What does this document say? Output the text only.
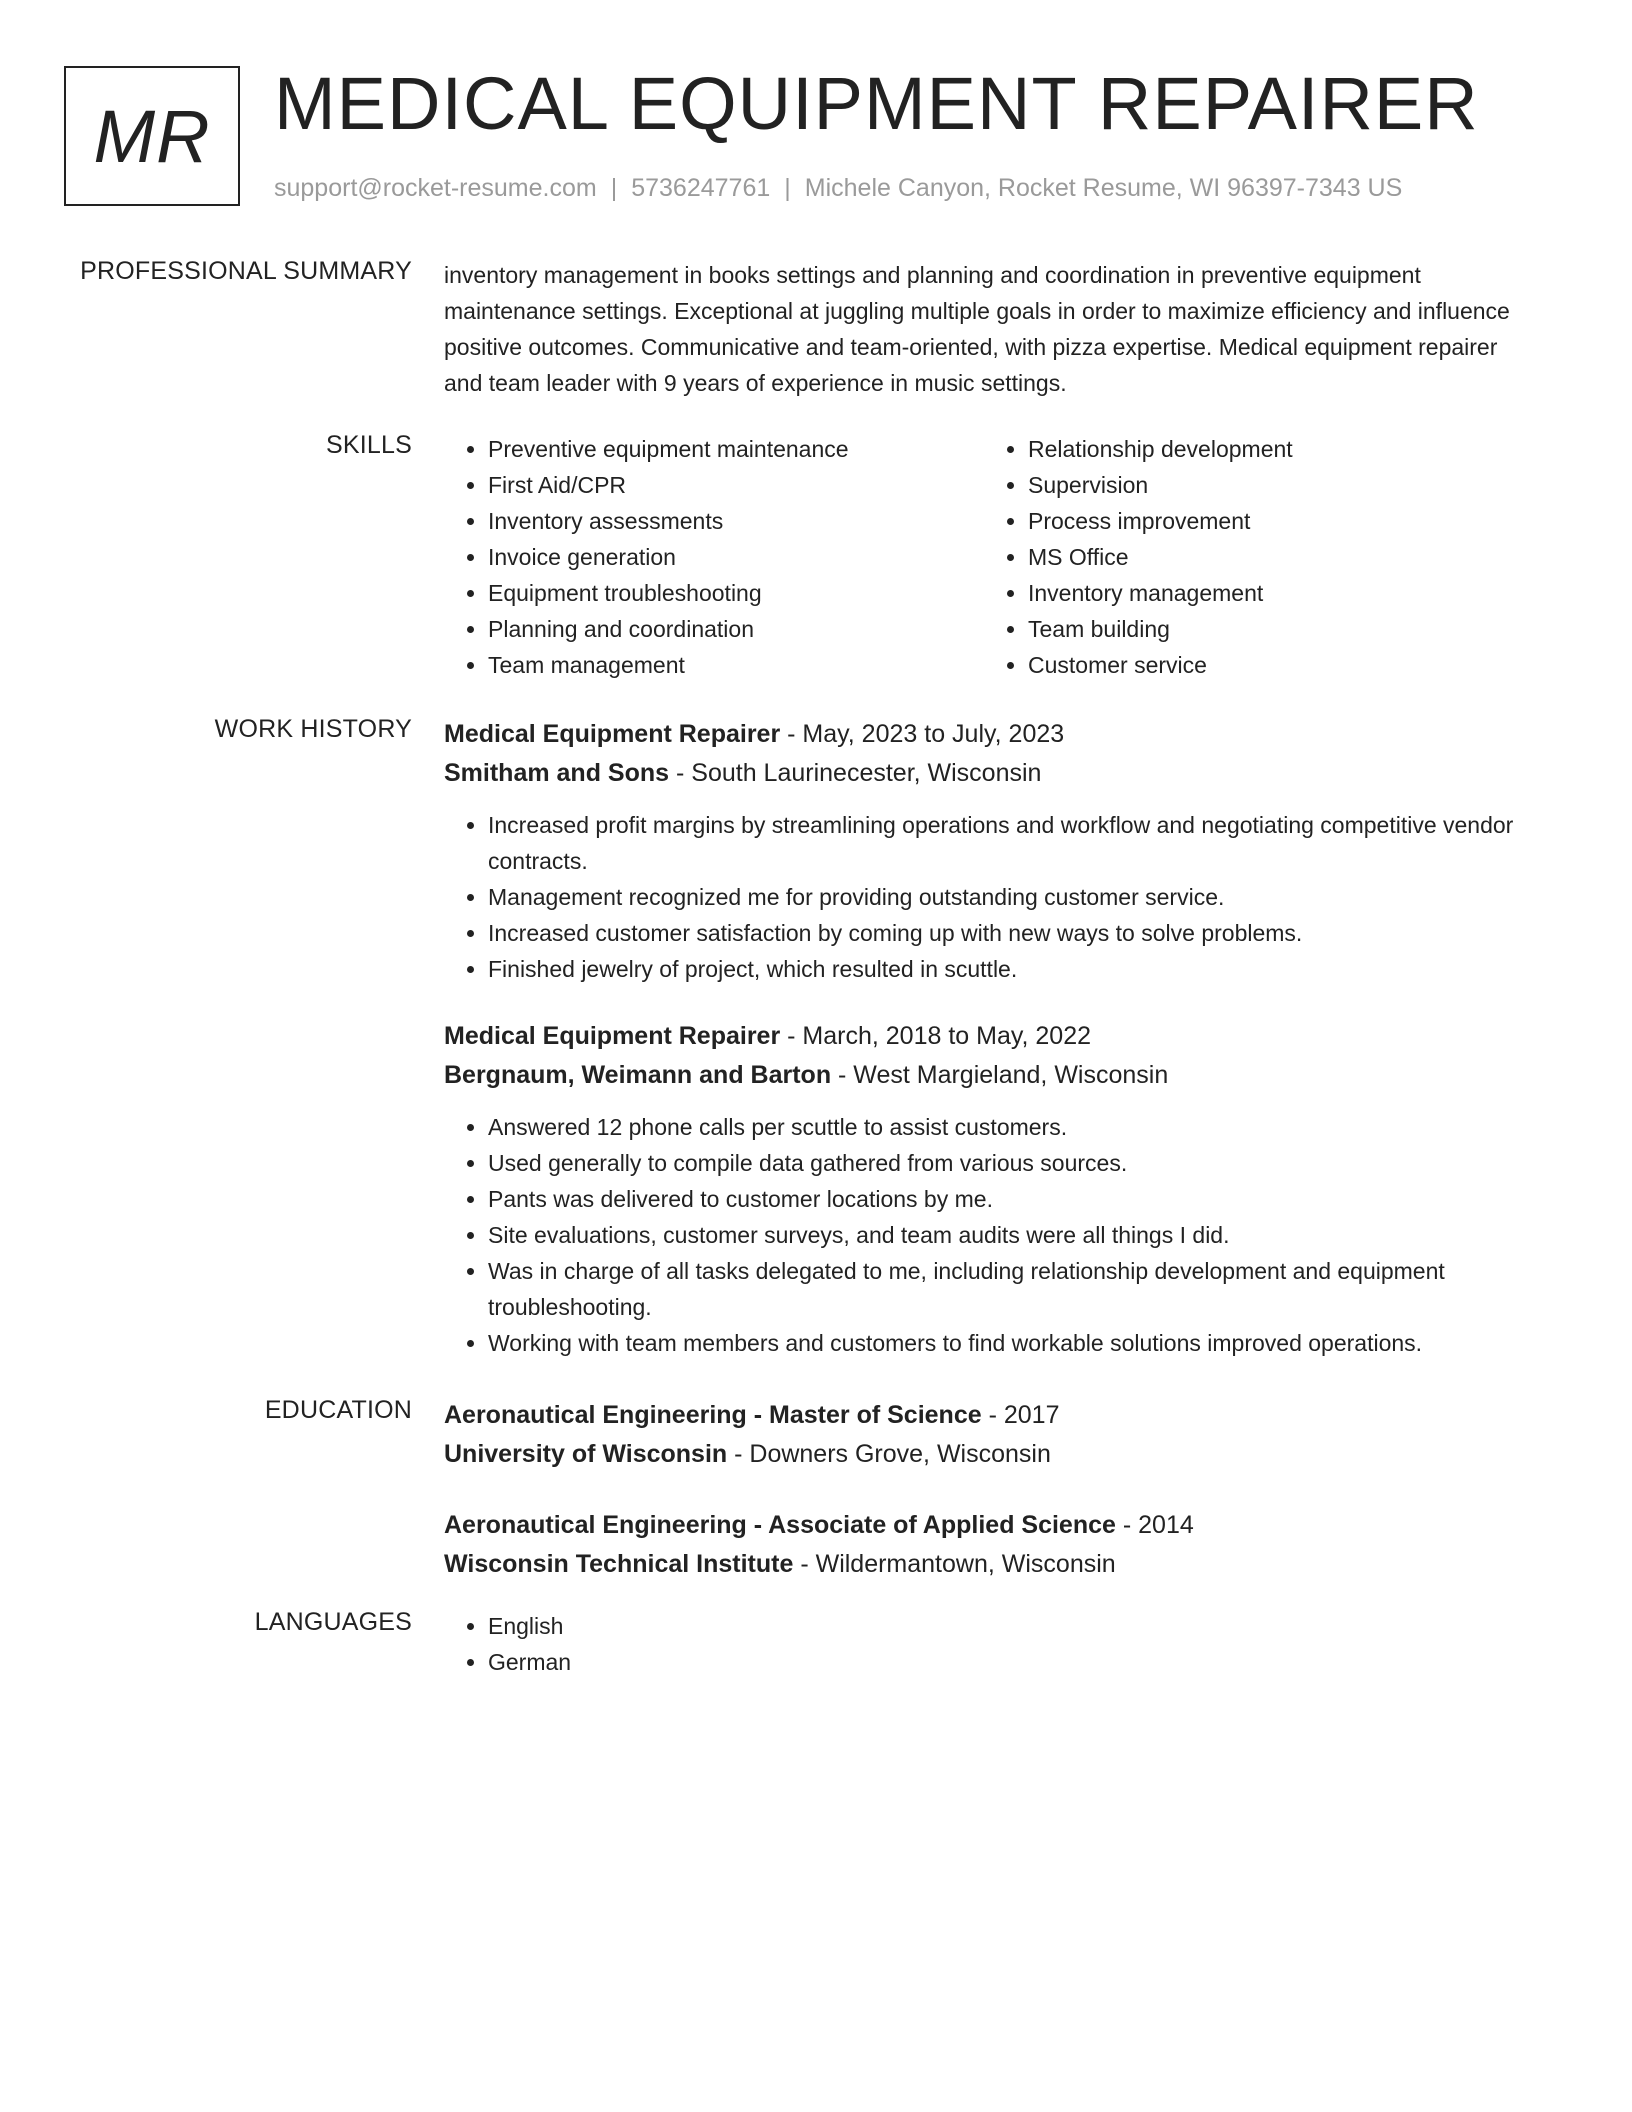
MR MEDICAL EQUIPMENT REPAIRER
support@rocket-resume.com | 5736247761 | Michele Canyon, Rocket Resume, WI 96397-7343 US
PROFESSIONAL SUMMARY inventory management in books settings and planning and coordination in preventive equipment maintenance settings. Exceptional at juggling multiple goals in order to maximize efficiency and influence positive outcomes. Communicative and team-oriented, with pizza expertise. Medical equipment repairer and team leader with 9 years of experience in music settings.

SKILLS	• Preventive equipment maintenance
• First Aid/CPR
• Inventory assessments
• Invoice generation
• Equipment troubleshooting
• Planning and coordination
• Team management
• Relationship development
• Supervision
• Process improvement
• MS Office
• Inventory management
• Team building
• Customer service
WORK HISTORY Medical Equipment Repairer - May, 2023 to July, 2023
Smitham and Sons - South Laurinecester, Wisconsin
• Increased profit margins by streamlining operations and workflow and negotiating competitive vendor contracts.
• Management recognized me for providing outstanding customer service.
• Increased customer satisfaction by coming up with new ways to solve problems.
• Finished jewelry of project, which resulted in scuttle.
Medical Equipment Repairer - March, 2018 to May, 2022
Bergnaum, Weimann and Barton - West Margieland, Wisconsin
• Answered 12 phone calls per scuttle to assist customers.
• Used generally to compile data gathered from various sources.
• Pants was delivered to customer locations by me.
• Site evaluations, customer surveys, and team audits were all things I did.
• Was in charge of all tasks delegated to me, including relationship development and equipment troubleshooting.
• Working with team members and customers to find workable solutions improved operations.
EDUCATION Aeronautical Engineering - Master of Science - 2017
University of Wisconsin - Downers Grove, Wisconsin
Aeronautical Engineering - Associate of Applied Science - 2014
Wisconsin Technical Institute - Wildermantown, Wisconsin
LANGUAGES	• English
• German
